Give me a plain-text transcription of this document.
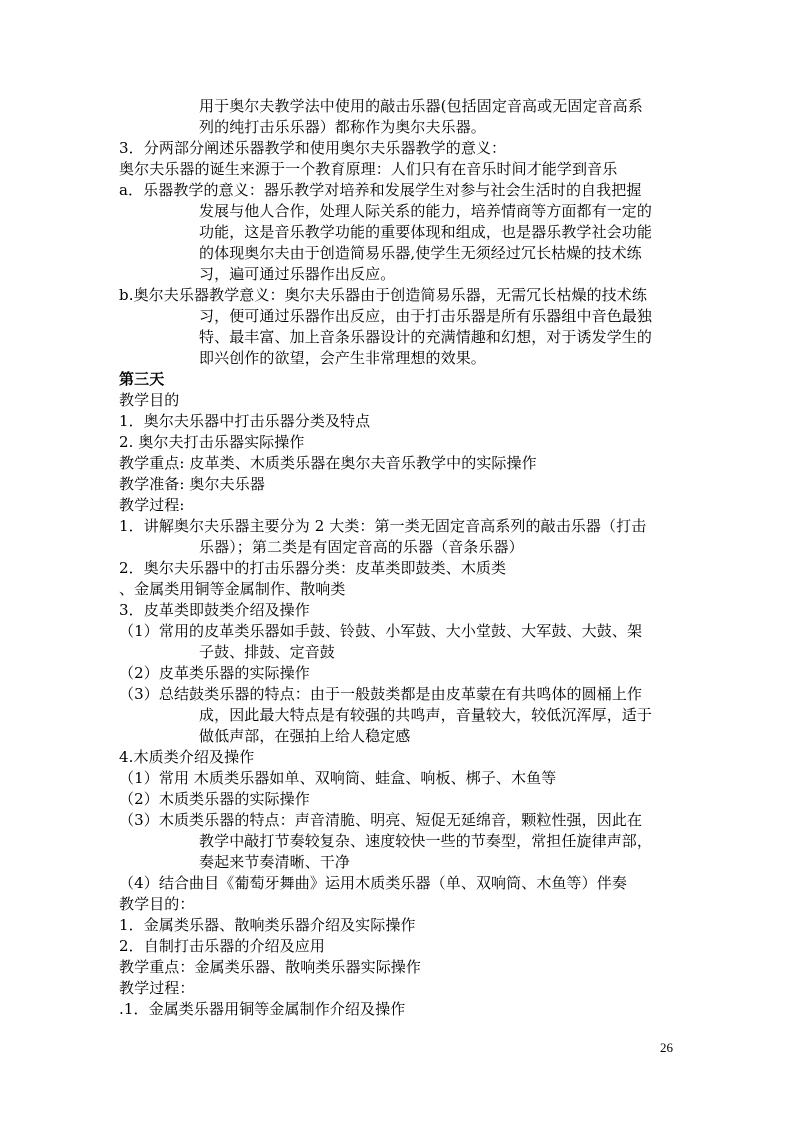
用于奥尔夫教学法中使用的敲击乐器(包括固定音高或无固定音高系
列的纯打击乐乐器）都称作为奥尔夫乐器。
3．分两部分阐述乐器教学和使用奥尔夫乐器教学的意义：
奥尔夫乐器的诞生来源于一个教育原理：人们只有在音乐时间才能学到音乐
a．乐器教学的意义：器乐教学对培养和发展学生对参与社会生活时的自我把握
发展与他人合作，处理人际关系的能力，培养情商等方面都有一定的
功能，这是音乐教学功能的重要体现和组成，也是器乐教学社会功能
的体现奥尔夫由于创造简易乐器,使学生无须经过冗长枯燥的技术练
习，遍可通过乐器作出反应。
b.奥尔夫乐器教学意义：奥尔夫乐器由于创造简易乐器，无需冗长枯燥的技术练
习，便可通过乐器作出反应，由于打击乐器是所有乐器组中音色最独
特、最丰富、加上音条乐器设计的充满情趣和幻想，对于诱发学生的
即兴创作的欲望，会产生非常理想的效果。
第三天
教学目的
1．奥尔夫乐器中打击乐器分类及特点
2. 奥尔夫打击乐器实际操作
教学重点: 皮革类、木质类乐器在奥尔夫音乐教学中的实际操作
教学准备: 奥尔夫乐器
教学过程:
1．讲解奥尔夫乐器主要分为 2 大类：第一类无固定音高系列的敲击乐器（打击
乐器）；第二类是有固定音高的乐器（音条乐器）
2．奥尔夫乐器中的打击乐器分类：皮革类即鼓类、木质类
、金属类用铜等金属制作、散响类
3．皮革类即鼓类介绍及操作
（1）常用的皮革类乐器如手鼓、铃鼓、小军鼓、大小堂鼓、大军鼓、大鼓、架
子鼓、排鼓、定音鼓
（2）皮革类乐器的实际操作
（3）总结鼓类乐器的特点：由于一般鼓类都是由皮革蒙在有共鸣体的圆桶上作
成，因此最大特点是有较强的共鸣声，音量较大，较低沉浑厚，适于
做低声部，在强拍上给人稳定感
4.木质类介绍及操作
（1）常用 木质类乐器如单、双响筒、蛙盒、响板、梆子、木鱼等
（2）木质类乐器的实际操作
（3）木质类乐器的特点：声音清脆、明亮、短促无延绵音，颗粒性强，因此在
教学中敲打节奏较复杂、速度较快一些的节奏型，常担任旋律声部，
奏起来节奏清晰、干净
（4）结合曲目《葡萄牙舞曲》运用木质类乐器（单、双响筒、木鱼等）伴奏
教学目的：
1．金属类乐器、散响类乐器介绍及实际操作
2．自制打击乐器的介绍及应用
教学重点：金属类乐器、散响类乐器实际操作
教学过程：
.1．金属类乐器用铜等金属制作介绍及操作
26
